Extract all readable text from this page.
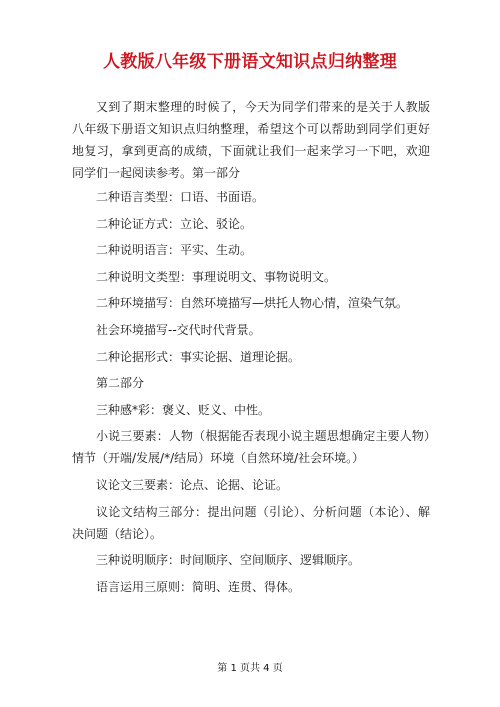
人教版八年级下册语文知识点归纳整理

又到了期末整理的时候了，今天为同学们带来的是关于人教版八年级下册语文知识点归纳整理，希望这个可以帮助到同学们更好地复习，拿到更高的成绩，下面就让我们一起来学习一下吧，欢迎同学们一起阅读参考。第一部分

二种语言类型：口语、书面语。

二种论证方式：立论、驳论。

二种说明语言：平实、生动。

二种说明文类型：事理说明文、事物说明文。

二种环境描写：自然环境描写—烘托人物心情，渲染气氛。

社会环境描写--交代时代背景。

二种论据形式：事实论据、道理论据。

第二部分

三种感*彩：褒义、贬义、中性。

小说三要素：人物（根据能否表现小说主题思想确定主要人物）情节（开端/发展/*/结局）环境（自然环境/社会环境。）

议论文三要素：论点、论据、论证。

议论文结构三部分：提出问题（引论）、分析问题（本论）、解决问题（结论）。

三种说明顺序：时间顺序、空间顺序、逻辑顺序。

语言运用三原则：简明、连贯、得体。

第 1 页共 4 页
